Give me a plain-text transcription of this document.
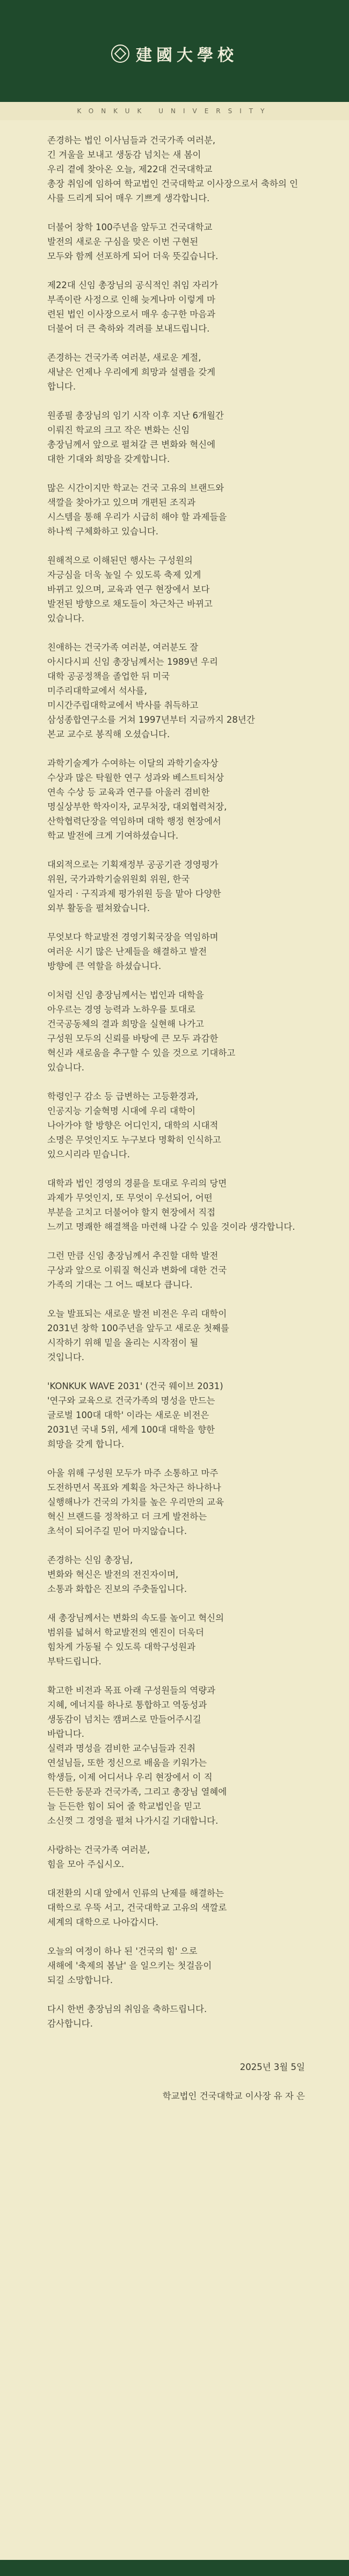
建國大學校
KONKUK UNIVERSITY

존경하는 법인 이사님들과 건국가족 여러분,
긴 겨울을 보내고 생동감 넘치는 새 봄이
우리 곁에 찾아온 오늘, 제22대 건국대학교
총장 취임에 임하여 학교법인 건국대학교 이사장으로서 축하의 인사를 드리게 되어 매우 기쁘게 생각합니다.

더불어 창학 100주년을 앞두고 건국대학교
발전의 새로운 구심을 맞은 이번 구현된
모두와 함께 선포하게 되어 더욱 뜻깊습니다.

제22대 신임 총장님의 공식적인 취임 자리가
부족이란 사정으로 인해 늦게나마 이렇게 마
련된 법인 이사장으로서 매우 송구한 마음과
더불어 더 큰 축하와 격려를 보내드립니다.

존경하는 건국가족 여러분, 새로운 계절,
새날은 언제나 우리에게 희망과 설렘을 갖게
합니다.

원종필 총장님의 임기 시작 이후 지난 6개월간
이뤄진 학교의 크고 작은 변화는 신임
총장님께서 앞으로 펼쳐갈 큰 변화와 혁신에
대한 기대와 희망을 갖게합니다.

많은 시간이지만 학교는 건국 고유의 브랜드와
색깔을 찾아가고 있으며 개편된 조직과
시스템을 통해 우리가 시급히 해야 할 과제들을
하나씩 구체화하고 있습니다.

원해적으로 이해된던 행사는 구성원의
자긍심을 더욱 높일 수 있도록 축제 있게
바뀌고 있으며, 교육과 연구 현장에서 보다
발전된 방향으로 채도들이 차근차근 바뀌고
있습니다.

친애하는 건국가족 여러분, 여러분도 잘
아시다시피 신임 총장님께서는 1989년 우리
대학 공공정책을 졸업한 뒤 미국
미주리대학교에서 석사를,
미시간주립대학교에서 박사를 취득하고
삼성종합연구소를 거쳐 1997년부터 지금까지 28년간
본교 교수로 봉직해 오셨습니다.

과학기술계가 수여하는 이달의 과학기술자상
수상과 많은 탁월한 연구 성과와 베스트티처상
연속 수상 등 교육과 연구를 아울러 겸비한
명실상부한 학자이자, 교무처장, 대외협력처장,
산학협력단장을 역임하며 대학 행정 현장에서
학교 발전에 크게 기여하셨습니다.

대외적으로는 기획재정부 공공기관 경영평가
위원, 국가과학기술위원회 위원, 한국
일자리 · 구직과제 평가위원 등을 맡아 다양한
외부 활동을 펼쳐왔습니다.

무엇보다 학교발전 경영기획국장을 역임하며
여러운 시기 많은 난제들을 해결하고 발전
방향에 큰 역할을 하셨습니다.

이처럼 신임 총장님께서는 법인과 대학을
아우르는 경영 능력과 노하우를 토대로
건국공동체의 결과 희망을 실현해 나가고
구성원 모두의 신뢰를 바탕에 큰 모두 과감한
혁신과 새로움을 추구할 수 있을 것으로 기대하고
있습니다.

학령인구 감소 등 급변하는 고등환경과,
인공지능 기술혁명 시대에 우리 대학이
나아가야 할 방향은 어디인지, 대학의 시대적
소명은 무엇인지도 누구보다 명확히 인식하고
있으시리라 믿습니다.

대학과 법인 경영의 경륜을 토대로 우리의 당면
과제가 무엇인지, 또 무엇이 우선되어, 어떤
부분을 고치고 더불어야 할지 현장에서 직접
느끼고 명쾌한 해결책을 마련해 나갈 수 있을 것이라 생각합니다.

그런 만큼 신임 총장님께서 추진할 대학 발전
구상과 앞으로 이뤄질 혁신과 변화에 대한 건국
가족의 기대는 그 어느 때보다 큽니다.

오늘 발표되는 새로운 발전 비전은 우리 대학이
2031년 창학 100주년을 앞두고 새로운 첫째를
시작하기 위해 밑을 올리는 시작점이 될
것입니다.

'KONKUK WAVE 2031' (건국 웨이브 2031)
'연구와 교육으로 건국가족의 명성을 만드는
글로벌 100대 대학' 이라는 새로운 비전은
2031년 국내 5위, 세계 100대 대학을 향한
희망을 갖게 합니다.

아울 위해 구성원 모두가 마주 소통하고 마주
도전하면서 목표와 계획을 차근차근 하나하나
실행해나가 건국의 가치를 높은 우리만의 교육
혁신 브랜드를 정착하고 더 크게 발전하는
초석이 되어주길 믿어 마지않습니다.

존경하는 신임 총장님,
변화와 혁신은 발전의 전진자이며,
소통과 화합은 진보의 주춧돌입니다.

새 총장님께서는 변화의 속도를 높이고 혁신의
범위를 넓혀서 학교발전의 엔진이 더욱더
힘차게 가동될 수 있도록 대학구성원과
부탁드립니다.

확고한 비전과 목표 아래 구성원들의 역량과
지혜, 에너지를 하나로 통합하고 역동성과
생동감이 넘치는 캠퍼스로 만들어주시길
바랍니다.
실력과 명성을 겸비한 교수님들과 진취
연설님들, 또한 정신으로 배움을 키워가는
학생들, 이제 어디서나 우리 현장에서 이 직
든든한 동문과 건국가족, 그리고 총장님 열혜에
늘 든든한 힘이 되어 줄 학교법인을 믿고
소신껏 그 경영을 펼쳐 나가시길 기대합니다.

사랑하는 건국가족 여러분,
힘을 모아 주십시오.

대전환의 시대 앞에서 인류의 난제를 해결하는
대학으로 우뚝 서고, 건국대학교 고유의 색깔로
세계의 대학으로 나아갑시다.

오늘의 여정이 하나 된 '건국의 힘' 으로
새해에 '축제의 봄날' 을 일으키는 첫걸음이
되길 소망합니다.

다시 한번 총장님의 취임을 축하드립니다.
감사합니다.

2025년 3월 5일

학교법인 건국대학교 이사장 유 자 은
